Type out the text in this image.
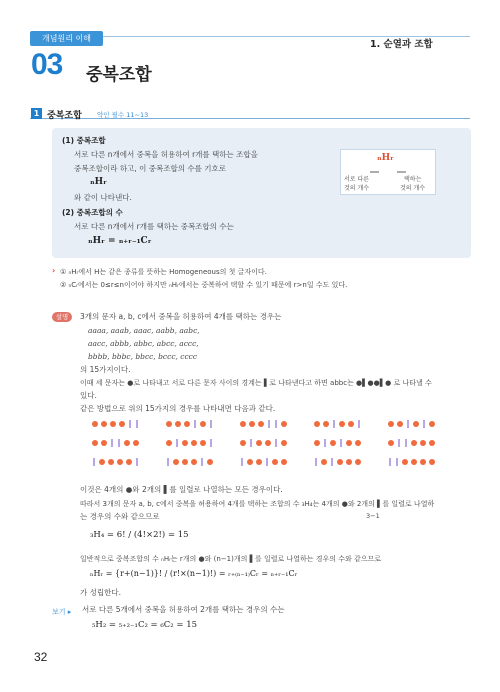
개념원리 이해
03 중복조합
1. 순열과 조합
1 중복조합 약인 필수 11~13
(1) 중복조합
서로 다른 n개에서 중복을 허용하여 r개를 택하는 조합을
중복조합이라 하고, 이 중복조합의 수를 기호로
ₙHᵣ
와 같이 나타낸다.
(2) 중복조합의 수
서로 다른 n개에서 r개를 택하는 중복조합의 수는
ₙHᵣ = ₙ₊ᵣ₋₁Cᵣ
ₙHᵣ
서로 다른
것의 개수
택하는
것의 개수
› ① ₙHᵣ에서 H는 같은 종류를 뜻하는 Homogeneous의 첫 글자이다.
② ₙCᵣ에서는 0≤r≤n이어야 하지만 ₙHᵣ에서는 중복하여 택할 수 있기 때문에 r>n일 수도 있다.
설명	3개의 문자 a, b, c에서 중복을 허용하여 4개를 택하는 경우는
aaaa, aaab, aaac, aabb, aabc,
aacc, abbb, abbc, abcc, accc,
bbbb, bbbc, bbcc, bccc, cccc
의 15가지이다.
이때 세 문자는 ●로 나타내고 서로 다른 문자 사이의 경계는 ▌로 나타낸다고 하면 abbc는 ●▌●●▌● 로 나타낼 수
있다.
같은 방법으로 위의 15가지의 경우를 나타내면 다음과 같다.
이것은 4개의 ●와 2개의 ▌를 일렬로 나열하는 모든 경우이다.
따라서 3개의 문자 a, b, c에서 중복을 허용하여 4개를 택하는 조합의 수 ₃H₄는 4개의 ●와 2개의 ▌를 일렬로 나열하
는 경우의 수와 같으므로	3−1
₃H₄ = 6! / (4!×2!) = 15
일반적으로 중복조합의 수 ₙHᵣ는 r개의 ●와 (n−1)개의 ▌를 일렬로 나열하는 경우의 수와 같으므로
ₙHᵣ = {r+(n−1)}! / (r!×(n−1)!) = ᵣ₊₍ₙ₋₁₎Cᵣ = ₙ₊ᵣ₋₁Cᵣ
가 성립한다.
보기 ▸ 서로 다른 5개에서 중복을 허용하여 2개를 택하는 경우의 수는
₅H₂ = ₅₊₂₋₁C₂ = ₆C₂ = 15
32
